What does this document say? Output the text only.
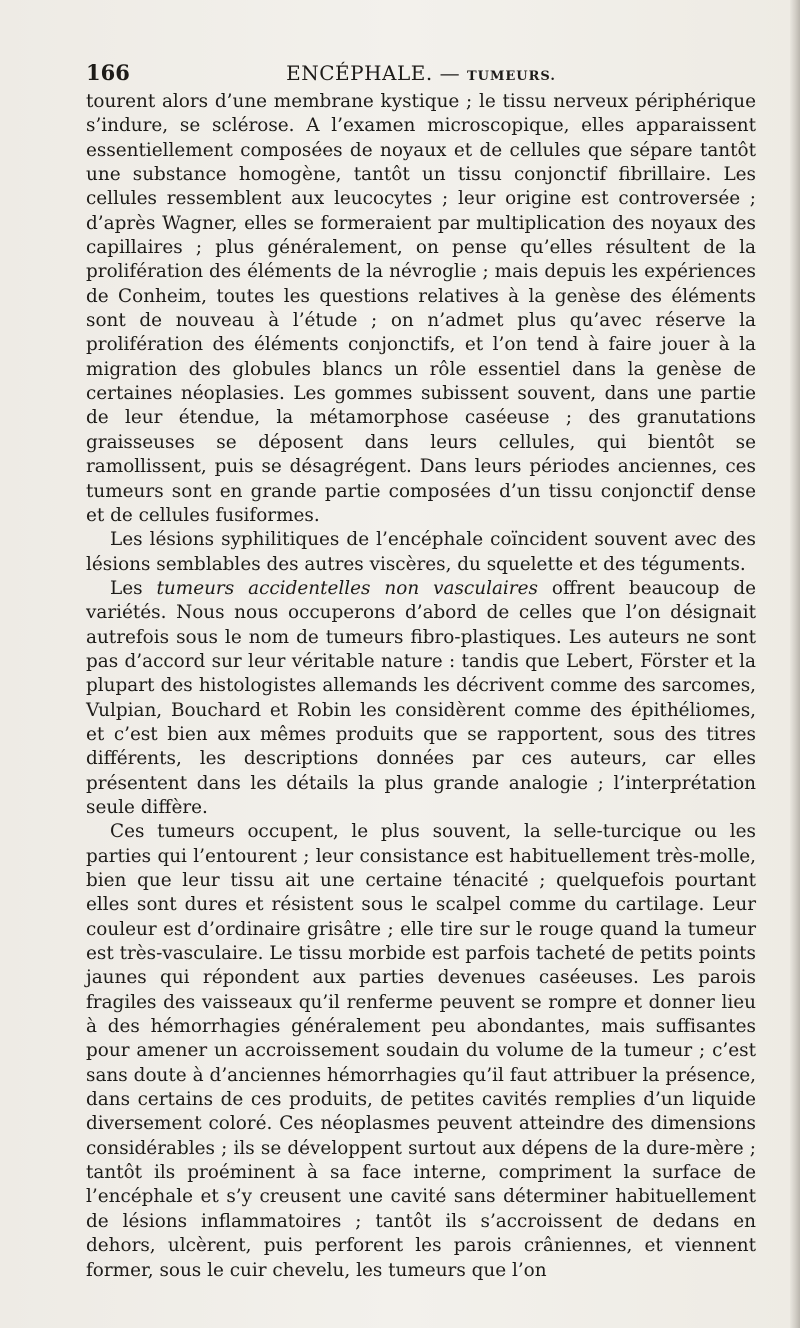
166	ENCÉPHALE. — TUMEURS.

tourent alors d’une membrane kystique ; le tissu nerveux périphérique s’indure, se sclérose. A l’examen microscopique, elles apparaissent essentiellement composées de noyaux et de cellules que sépare tantôt une substance homogène, tantôt un tissu conjonctif fibrillaire. Les cellules ressemblent aux leucocytes ; leur origine est controversée ; d’après Wagner, elles se formeraient par multiplication des noyaux des capillaires ; plus généralement, on pense qu’elles résultent de la prolifération des éléments de la névroglie ; mais depuis les expériences de Conheim, toutes les questions relatives à la genèse des éléments sont de nouveau à l’étude ; on n’admet plus qu’avec réserve la prolifération des éléments conjonctifs, et l’on tend à faire jouer à la migration des globules blancs un rôle essentiel dans la genèse de certaines néoplasies. Les gommes subissent souvent, dans une partie de leur étendue, la métamorphose caséeuse ; des granutations graisseuses se déposent dans leurs cellules, qui bientôt se ramollissent, puis se désagrégent. Dans leurs périodes anciennes, ces tumeurs sont en grande partie composées d’un tissu conjonctif dense et de cellules fusiformes.

Les lésions syphilitiques de l’encéphale coïncident souvent avec des lésions semblables des autres viscères, du squelette et des téguments.

Les tumeurs accidentelles non vasculaires offrent beaucoup de variétés. Nous nous occuperons d’abord de celles que l’on désignait autrefois sous le nom de tumeurs fibro-plastiques. Les auteurs ne sont pas d’accord sur leur véritable nature : tandis que Lebert, Förster et la plupart des histologistes allemands les décrivent comme des sarcomes, Vulpian, Bouchard et Robin les considèrent comme des épithéliomes, et c’est bien aux mêmes produits que se rapportent, sous des titres différents, les descriptions données par ces auteurs, car elles présentent dans les détails la plus grande analogie ; l’interprétation seule diffère.

Ces tumeurs occupent, le plus souvent, la selle-turcique ou les parties qui l’entourent ; leur consistance est habituellement très-molle, bien que leur tissu ait une certaine ténacité ; quelquefois pourtant elles sont dures et résistent sous le scalpel comme du cartilage. Leur couleur est d’ordinaire grisâtre ; elle tire sur le rouge quand la tumeur est très-vasculaire. Le tissu morbide est parfois tacheté de petits points jaunes qui répondent aux parties devenues caséeuses. Les parois fragiles des vaisseaux qu’il renferme peuvent se rompre et donner lieu à des hémorrhagies généralement peu abondantes, mais suffisantes pour amener un accroissement soudain du volume de la tumeur ; c’est sans doute à d’anciennes hémorrhagies qu’il faut attribuer la présence, dans certains de ces produits, de petites cavités remplies d’un liquide diversement coloré. Ces néoplasmes peuvent atteindre des dimensions considérables ; ils se développent surtout aux dépens de la dure-mère ; tantôt ils proéminent à sa face interne, compriment la surface de l’encéphale et s’y creusent une cavité sans déterminer habituellement de lésions inflammatoires ; tantôt ils s’accroissent de dedans en dehors, ulcèrent, puis perforent les parois crâniennes, et viennent former, sous le cuir chevelu, les tumeurs que l’on
